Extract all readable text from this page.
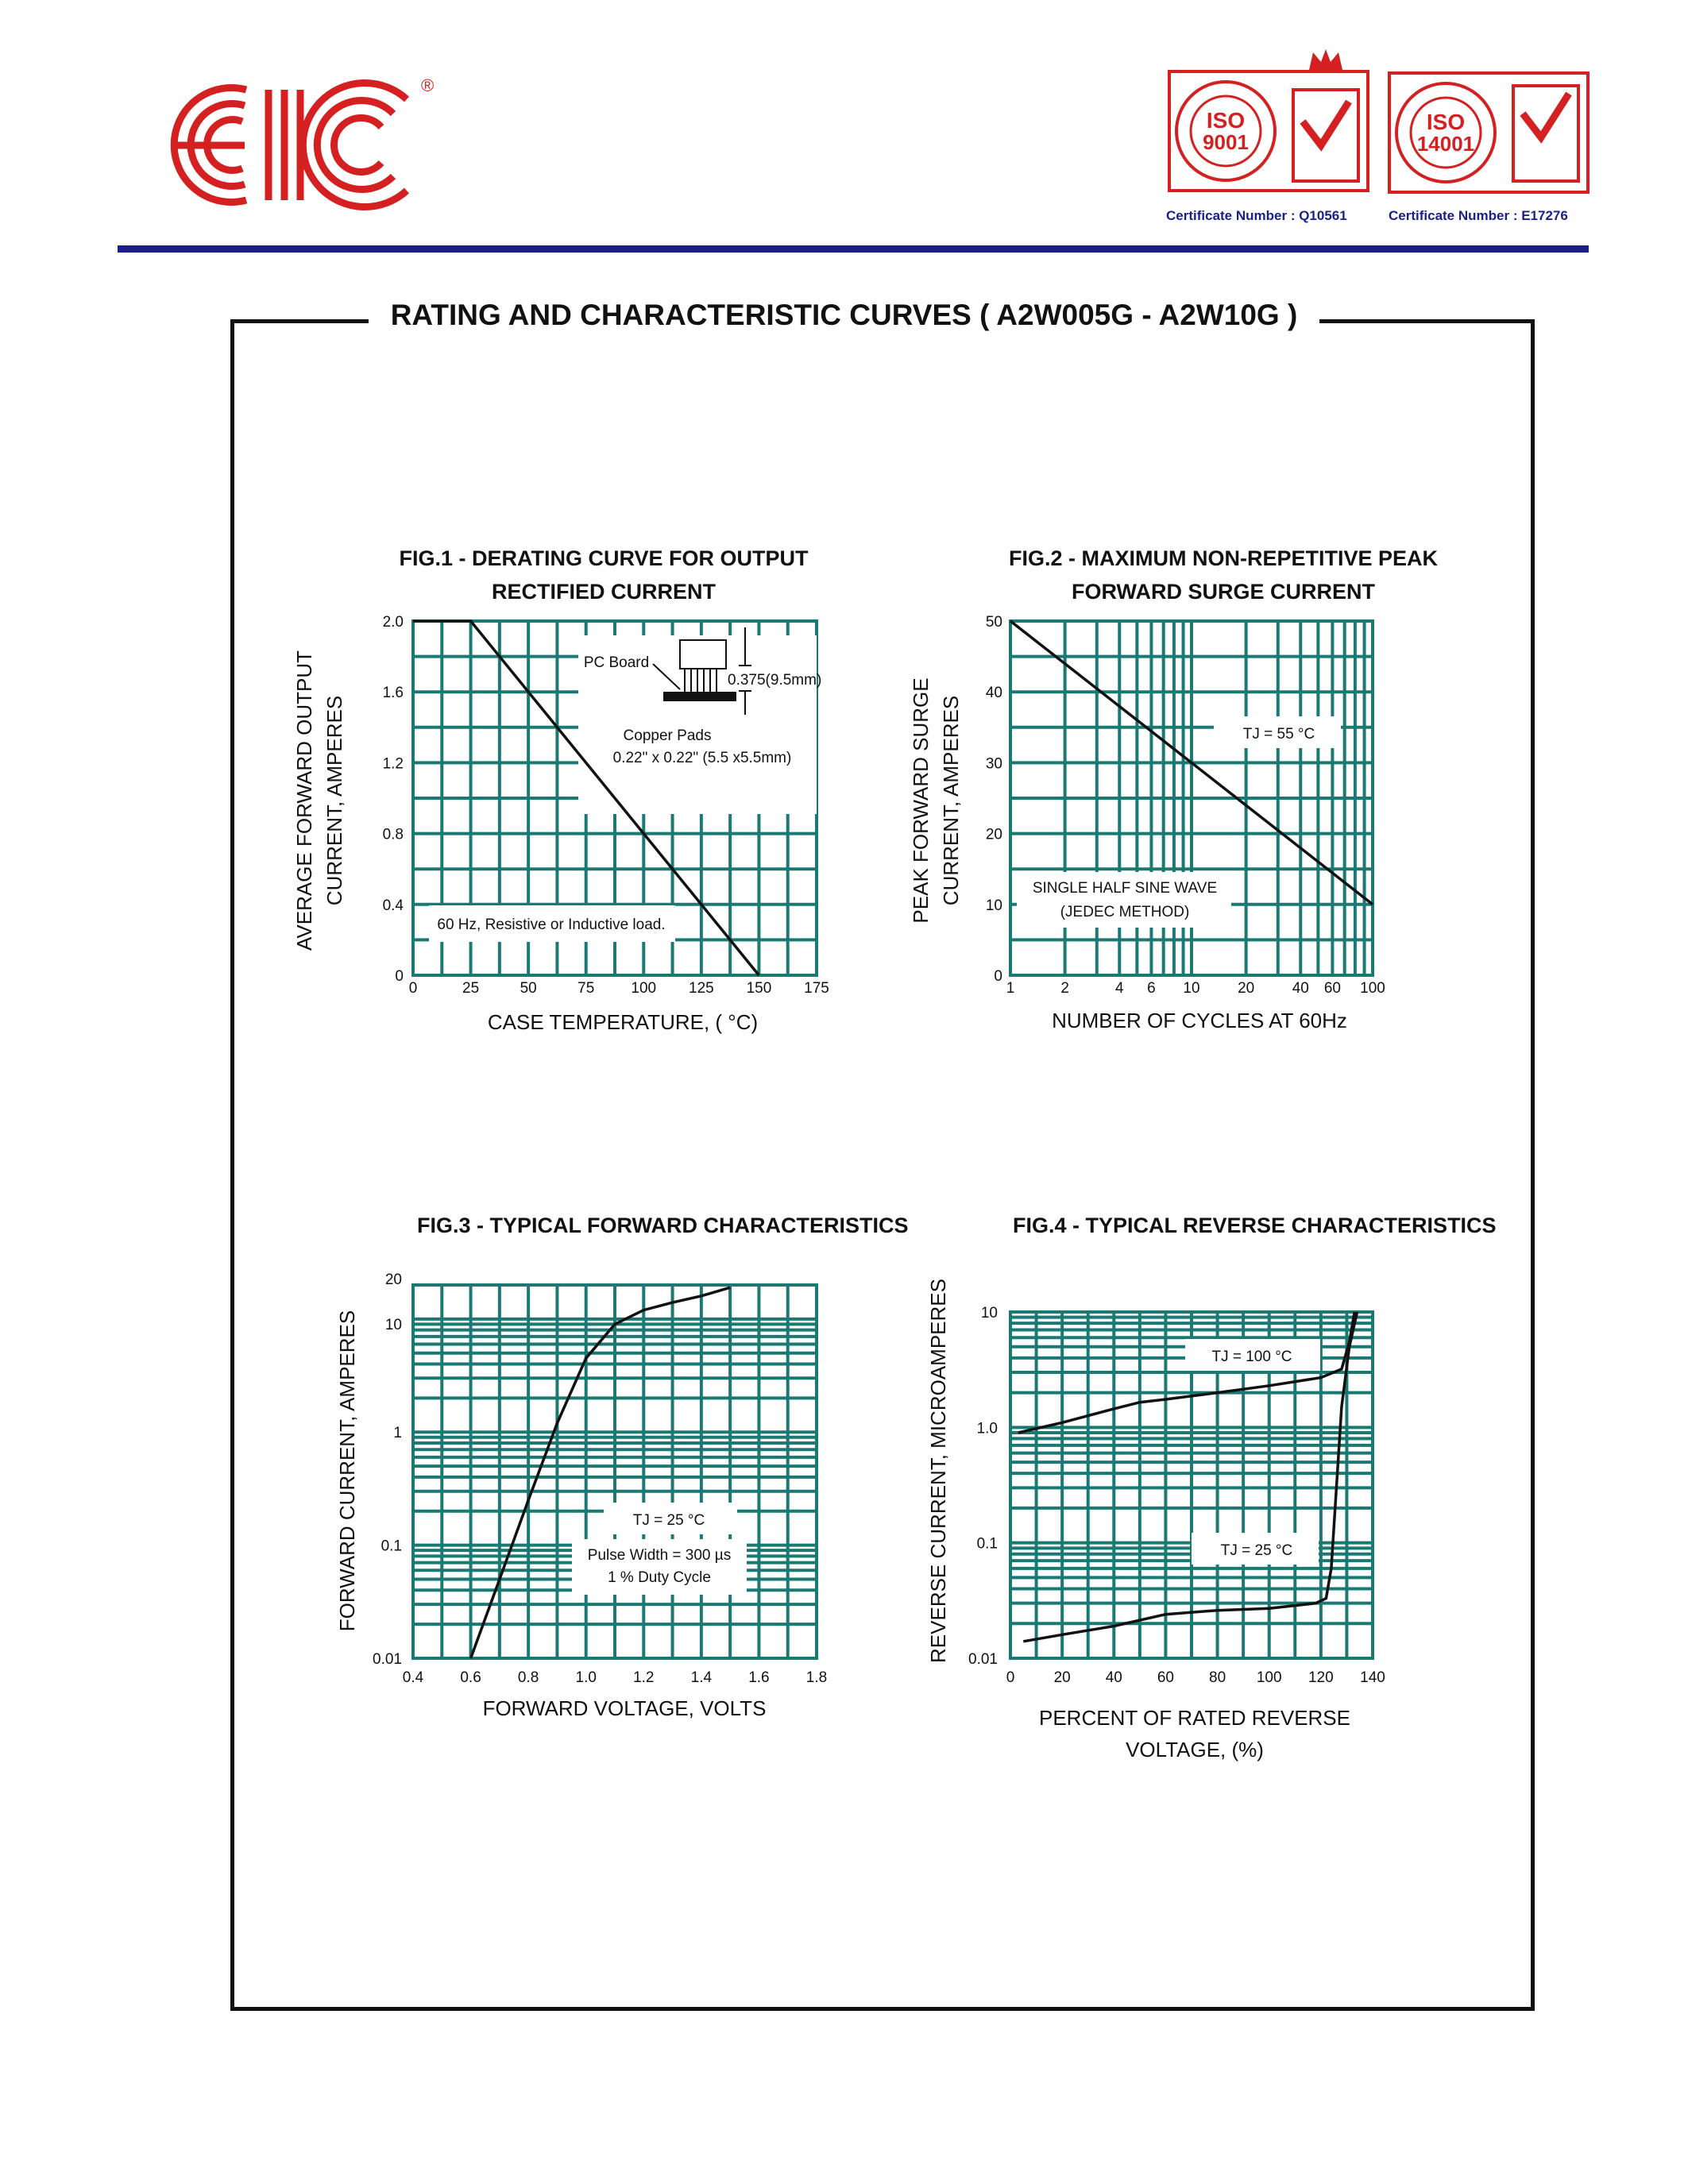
®
ISO
9001
Certificate Number : Q10561
ISO
14001
Certificate Number : E17276
RATING AND CHARACTERISTIC CURVES ( A2W005G - A2W10G )
FIG.1 - DERATING CURVE FOR OUTPUT
RECTIFIED CURRENT
FIG.2 - MAXIMUM NON-REPETITIVE PEAK
FORWARD SURGE CURRENT
FIG.3 - TYPICAL FORWARD CHARACTERISTICS	FIG.4 - TYPICAL REVERSE CHARACTERISTICS
PC Board
0.375(9.5mm)
Copper Pads
0.22" x 0.22" (5.5 x5.5mm)
60 Hz, Resistive or Inductive load.
0	25	50	75 100 125 150 175
0
0.4
0.8
1.2
1.6
2.0
CASE TEMPERATURE, ( °C)
AVERAGE FORWARD OUTPUT CURRENT, AMPERES	TJ = 55 °C
SINGLE HALF SINE WAVE
(JEDEC METHOD)
1	2	4 6 10 20 40 60 100
0
10
20
30
40
50
NUMBER OF CYCLES AT 60Hz
PEAK FORWARD SURGE CURRENT, AMPERES
TJ = 25 °C
Pulse Width = 300 µs
1 % Duty Cycle
0.4 0.6 0.8 1.0 1.2 1.4 1.6 1.8
0.01
0.1
1
10
20
FORWARD VOLTAGE, VOLTS
FORWARD CURRENT, AMPERES	TJ = 100 °C
TJ = 25 °C
0	20 40 60 80 100 120 140
0.01
0.1
1.0
10
PERCENT OF RATED REVERSE
VOLTAGE, (%)
REVERSE CURRENT, MICROAMPERES
